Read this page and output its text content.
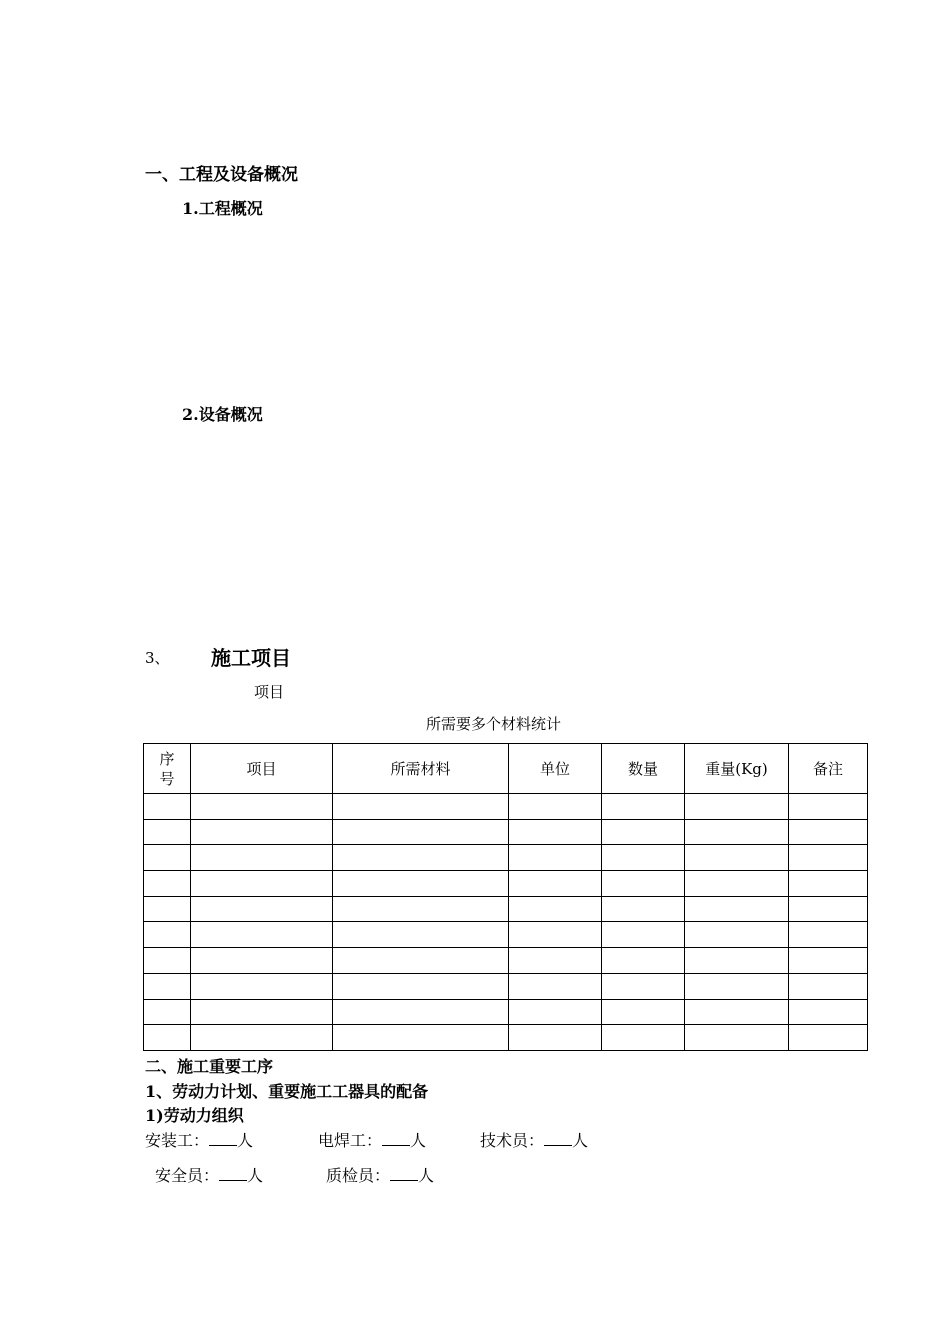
一、工程及设备概况
1.工程概况
2.设备概况
3、 施工项目
项目
所需要多个材料统计
序
号	项目	所需材料	单位	数量	重量(Kg)	备注

二、施工重要工序
1、劳动力计划、重要施工工器具的配备
1)劳动力组织
安装工： 人	电焊工： 人	技术员： 人
安全员： 人	质检员： 人
